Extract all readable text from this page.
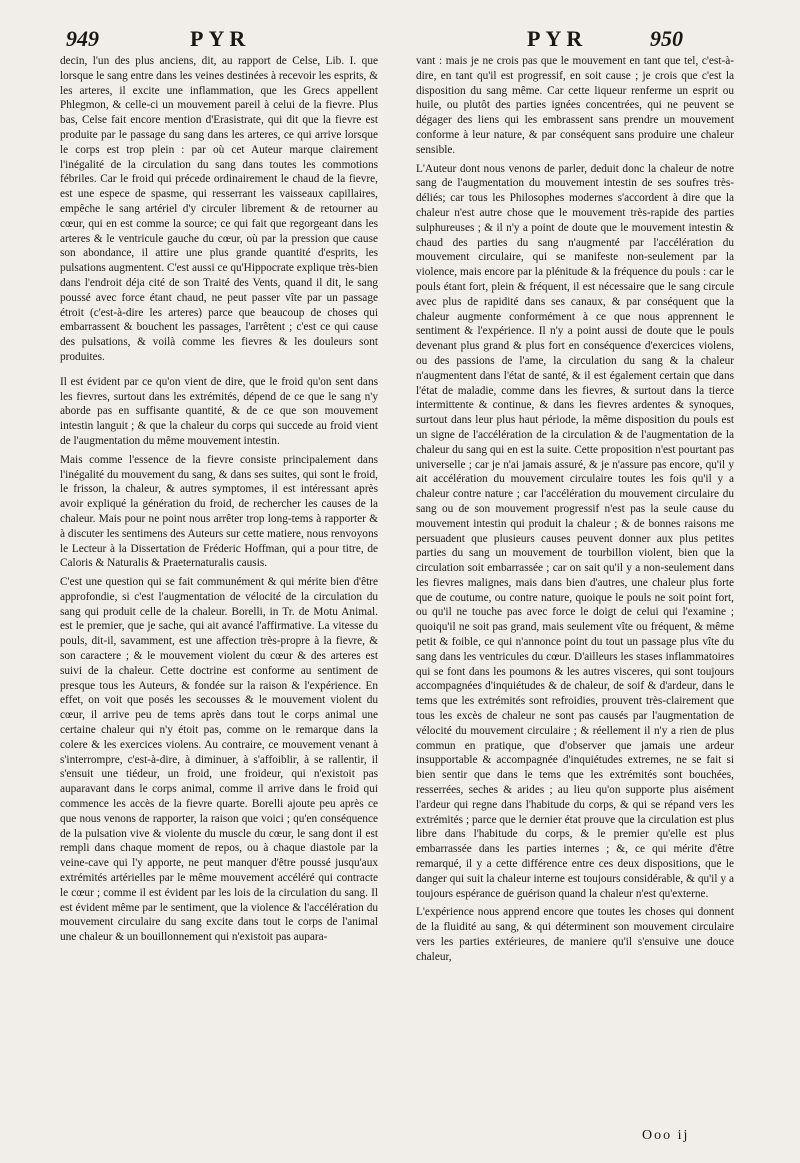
949	PYR	PYR	950

decin, l'un des plus anciens, dit, au rapport de Celse, Lib. I. que lorsque le sang entre dans les veines destinées à recevoir les esprits, & les arteres, il excite une inflammation, que les Grecs appellent Phlegmon, & celle-ci un mouvement pareil à celui de la fievre. Plus bas, Celse fait encore mention d'Erasistrate, qui dit que la fievre est produite par le passage du sang dans les arteres, ce qui arrive lorsque le corps est trop plein : par où cet Auteur marque clairement l'inégalité de la circulation du sang dans toutes les commotions fébriles. Car le froid qui précede ordinairement le chaud de la fievre, est une espece de spasme, qui resserrant les vaisseaux capillaires, empêche le sang artériel d'y circuler librement & de retourner au cœur, qui en est comme la source; ce qui fait que regorgeant dans les arteres & le ventricule gauche du cœur, où par la pression que cause son abondance, il attire une plus grande quantité d'esprits, les pulsations augmentent. C'est aussi ce qu'Hippocrate explique très-bien dans l'endroit déja cité de son Traité des Vents, quand il dit, le sang poussé avec force étant chaud, ne peut passer vîte par un passage étroit (c'est-à-dire les arteres) parce que beaucoup de choses qui embarrassent & bouchent les passages, l'arrêtent ; c'est ce qui cause des pulsations, & voilà comme les fievres & les douleurs sont produites.

Il est évident par ce qu'on vient de dire, que le froid qu'on sent dans les fievres, surtout dans les extrémités, dépend de ce que le sang n'y aborde pas en suffisante quantité, & de ce que son mouvement intestin languit ; & que la chaleur du corps qui succede au froid vient de l'augmentation du même mouvement intestin.

Mais comme l'essence de la fievre consiste principalement dans l'inégalité du mouvement du sang, & dans ses suites, qui sont le froid, le frisson, la chaleur, & autres symptomes, il est intéressant après avoir expliqué la génération du froid, de rechercher les causes de la chaleur. Mais pour ne point nous arrêter trop long-tems à rapporter & à discuter les sentimens des Auteurs sur cette matiere, nous renvoyons le Lecteur à la Dissertation de Fréderic Hoffman, qui a pour titre, de Caloris & Naturalis & Praeternaturalis causis.

C'est une question qui se fait communément & qui mérite bien d'être approfondie, si c'est l'augmentation de vélocité de la circulation du sang qui produit celle de la chaleur. Borelli, in Tr. de Motu Animal. est le premier, que je sache, qui ait avancé l'affirmative. La vitesse du pouls, dit-il, savamment, est une affection très-propre à la fievre, & son caractere ; & le mouvement violent du cœur & des arteres est suivi de la chaleur. Cette doctrine est conforme au sentiment de presque tous les Auteurs, & fondée sur la raison & l'expérience. En effet, on voit que posés les secousses & le mouvement violent du cœur, il arrive peu de tems après dans tout le corps animal une certaine chaleur qui n'y étoit pas, comme on le remarque dans la colere & les exercices violens. Au contraire, ce mouvement venant à s'interrompre, c'est-à-dire, à diminuer, à s'affoiblir, à se rallentir, il s'ensuit une tiédeur, un froid, une froideur, qui n'existoit pas auparavant dans le corps animal, comme il arrive dans le froid qui commence les accès de la fievre quarte. Borelli ajoute peu après ce que nous venons de rapporter, la raison que voici ; qu'en conséquence de la pulsation vive & violente du muscle du cœur, le sang dont il est rempli dans chaque moment de repos, ou à chaque diastole par la veine-cave qui l'y apporte, ne peut manquer d'être poussé jusqu'aux extrémités artérielles par le même mouvement accéléré qui contracte le cœur ; comme il est évident par les lois de la circulation du sang. Il est évident même par le sentiment, que la violence & l'accélération du mouvement circulaire du sang excite dans tout le corps de l'animal une chaleur & un bouillonnement qui n'existoit pas aupara-

vant : mais je ne crois pas que le mouvement en tant que tel, c'est-à-dire, en tant qu'il est progressif, en soit cause ; je crois que c'est la disposition du sang même. Car cette liqueur renferme un esprit ou huile, ou plutôt des parties ignées concentrées, qui ne peuvent se dégager des liens qui les embrassent sans prendre un mouvement conforme à leur nature, & par conséquent sans produire une chaleur sensible.

L'Auteur dont nous venons de parler, deduit donc la chaleur de notre sang de l'augmentation du mouvement intestin de ses soufres très-déliés; car tous les Philosophes modernes s'accordent à dire que la chaleur n'est autre chose que le mouvement très-rapide des parties sulphureuses ; & il n'y a point de doute que le mouvement intestin & chaud des parties du sang n'augmenté par l'accélération du mouvement circulaire, qui se manifeste non-seulement par la violence, mais encore par la plénitude & la fréquence du pouls : car le pouls étant fort, plein & fréquent, il est nécessaire que le sang circule avec plus de rapidité dans ses canaux, & par conséquent que la chaleur augmente conformément à ce que nous apprennent le sentiment & l'expérience. Il n'y a point aussi de doute que le pouls devenant plus grand & plus fort en conséquence d'exercices violens, ou des passions de l'ame, la circulation du sang & la chaleur n'augmentent dans l'état de santé, & il est également certain que dans l'état de maladie, comme dans les fievres, & surtout dans la tierce intermittente & continue, & dans les fievres ardentes & synoques, surtout dans leur plus haut période, la même disposition du pouls est un signe de l'accélération de la circulation & de l'augmentation de la chaleur du sang qui en est la suite. Cette proposition n'est pourtant pas universelle ; car je n'ai jamais assuré, & je n'assure pas encore, qu'il y ait accélération du mouvement circulaire toutes les fois qu'il y a chaleur contre nature ; car l'accélération du mouvement circulaire du sang ou de son mouvement progressif n'est pas la seule cause du mouvement intestin qui produit la chaleur ; & de bonnes raisons me persuadent que plusieurs causes peuvent donner aux plus petites parties du sang un mouvement de tourbillon violent, bien que la circulation soit embarrassée ; car on sait qu'il y a non-seulement dans les fievres malignes, mais dans bien d'autres, une chaleur plus forte que de coutume, ou contre nature, quoique le pouls ne soit point fort, ou qu'il ne touche pas avec force le doigt de celui qui l'examine ; quoiqu'il ne soit pas grand, mais seulement vîte ou fréquent, & même petit & foible, ce qui n'annonce point du tout un passage plus vîte du sang dans les ventricules du cœur. D'ailleurs les stases inflammatoires qui se font dans les poumons & les autres visceres, qui sont toujours accompagnées d'inquiétudes & de chaleur, de soif & d'ardeur, dans le tems que les extrémités sont refroidies, prouvent très-clairement que tous les excès de chaleur ne sont pas causés par l'augmentation de vélocité du mouvement circulaire ; & réellement il n'y a rien de plus commun en pratique, que d'observer que jamais une ardeur insupportable & accompagnée d'inquiétudes extremes, ne se fait si bien sentir que dans le tems que les extrémités sont bouchées, resserrées, seches & arides ; au lieu qu'on supporte plus aisément l'ardeur qui regne dans l'habitude du corps, & qui se répand vers les extrémités ; parce que le dernier état prouve que la circulation est plus libre dans l'habitude du corps, & le premier qu'elle est plus embarrassée dans les parties internes ; &, ce qui mérite d'être remarqué, il y a cette différence entre ces deux dispositions, que le danger qui suit la chaleur interne est toujours considérable, & qu'il y a toujours espérance de guérison quand la chaleur n'est qu'externe.

L'expérience nous apprend encore que toutes les choses qui donnent de la fluidité au sang, & qui déterminent son mouvement circulaire vers les parties extérieures, de maniere qu'il s'ensuive une douce chaleur,

Ooo ij
